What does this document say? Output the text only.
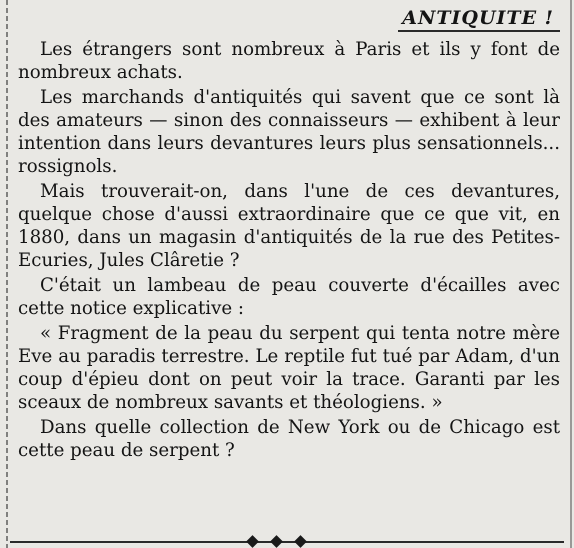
ANTIQUITE !

Les étrangers sont nombreux à Paris et ils y font de nombreux achats.

Les marchands d'antiquités qui savent que ce sont là des amateurs — sinon des connaisseurs — exhibent à leur intention dans leurs devantures leurs plus sensationnels... rossignols.

Mais trouverait-on, dans l'une de ces devantures, quelque chose d'aussi extraordinaire que ce que vit, en 1880, dans un magasin d'antiquités de la rue des Petites-Ecuries, Jules Clâretie ?

C'était un lambeau de peau couverte d'écailles avec cette notice explicative :

« Fragment de la peau du serpent qui tenta notre mère Eve au paradis terrestre. Le reptile fut tué par Adam, d'un coup d'épieu dont on peut voir la trace. Garanti par les sceaux de nombreux savants et théologiens. »

Dans quelle collection de New York ou de Chicago est cette peau de serpent ?
